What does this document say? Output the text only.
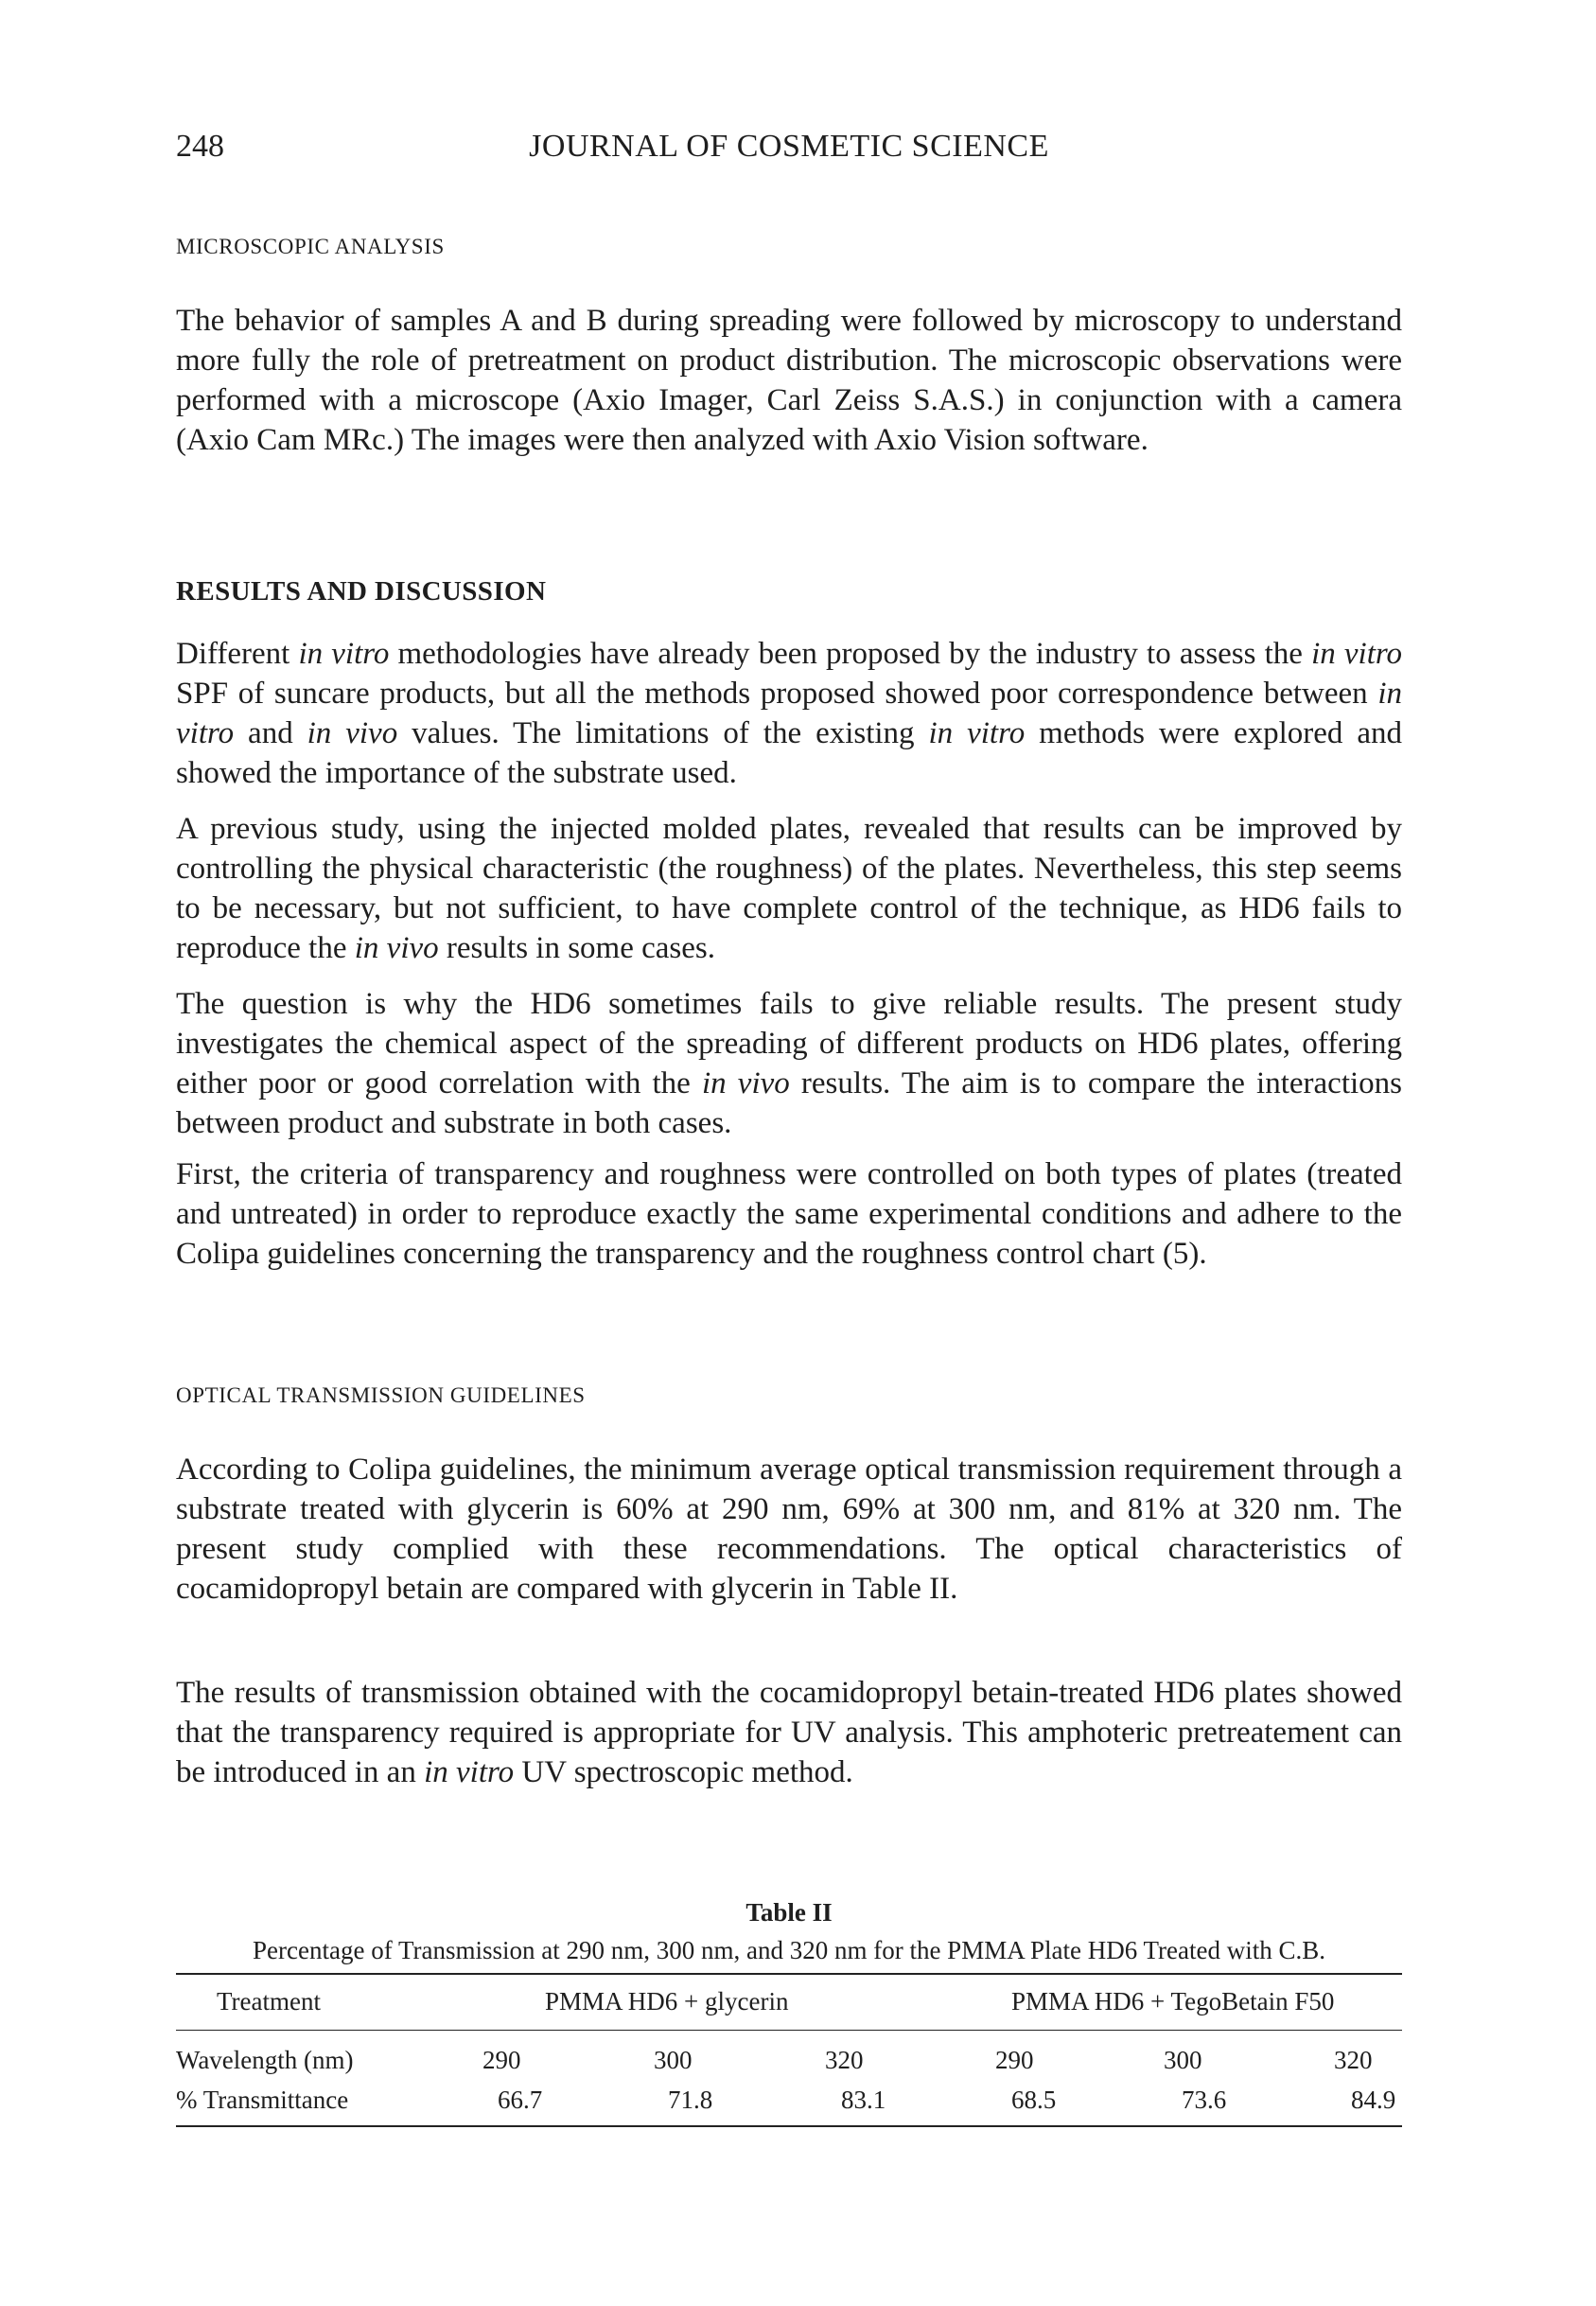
248	JOURNAL OF COSMETIC SCIENCE
MICROSCOPIC ANALYSIS

The behavior of samples A and B during spreading were followed by microscopy to understand more fully the role of pretreatment on product distribution. The microscopic observations were performed with a microscope (Axio Imager, Carl Zeiss S.A.S.) in conjunction with a camera (Axio Cam MRc.) The images were then analyzed with Axio Vision software.

RESULTS AND DISCUSSION

Different in vitro methodologies have already been proposed by the industry to assess the in vitro SPF of suncare products, but all the methods proposed showed poor correspondence between in vitro and in vivo values. The limitations of the existing in vitro methods were explored and showed the importance of the substrate used.

A previous study, using the injected molded plates, revealed that results can be improved by controlling the physical characteristic (the roughness) of the plates. Nevertheless, this step seems to be necessary, but not sufficient, to have complete control of the technique, as HD6 fails to reproduce the in vivo results in some cases.

The question is why the HD6 sometimes fails to give reliable results. The present study investigates the chemical aspect of the spreading of different products on HD6 plates, offering either poor or good correlation with the in vivo results. The aim is to compare the interactions between product and substrate in both cases.

First, the criteria of transparency and roughness were controlled on both types of plates (treated and untreated) in order to reproduce exactly the same experimental conditions and adhere to the Colipa guidelines concerning the transparency and the roughness control chart (5).

OPTICAL TRANSMISSION GUIDELINES

According to Colipa guidelines, the minimum average optical transmission requirement through a substrate treated with glycerin is 60% at 290 nm, 69% at 300 nm, and 81% at 320 nm. The present study complied with these recommendations. The optical characteristics of cocamidopropyl betain are compared with glycerin in Table II.

The results of transmission obtained with the cocamidopropyl betain-treated HD6 plates showed that the transparency required is appropriate for UV analysis. This amphoteric pretreatement can be introduced in an in vitro UV spectroscopic method.

Table II
Percentage of Transmission at 290 nm, 300 nm, and 320 nm for the PMMA Plate HD6 Treated with C.B.
Treatment	PMMA HD6 + glycerin	PMMA HD6 + TegoBetain F50
Wavelength (nm)	290	300	320	290	300	320
% Transmittance	66.7	71.8	83.1	68.5	73.6	84.9
